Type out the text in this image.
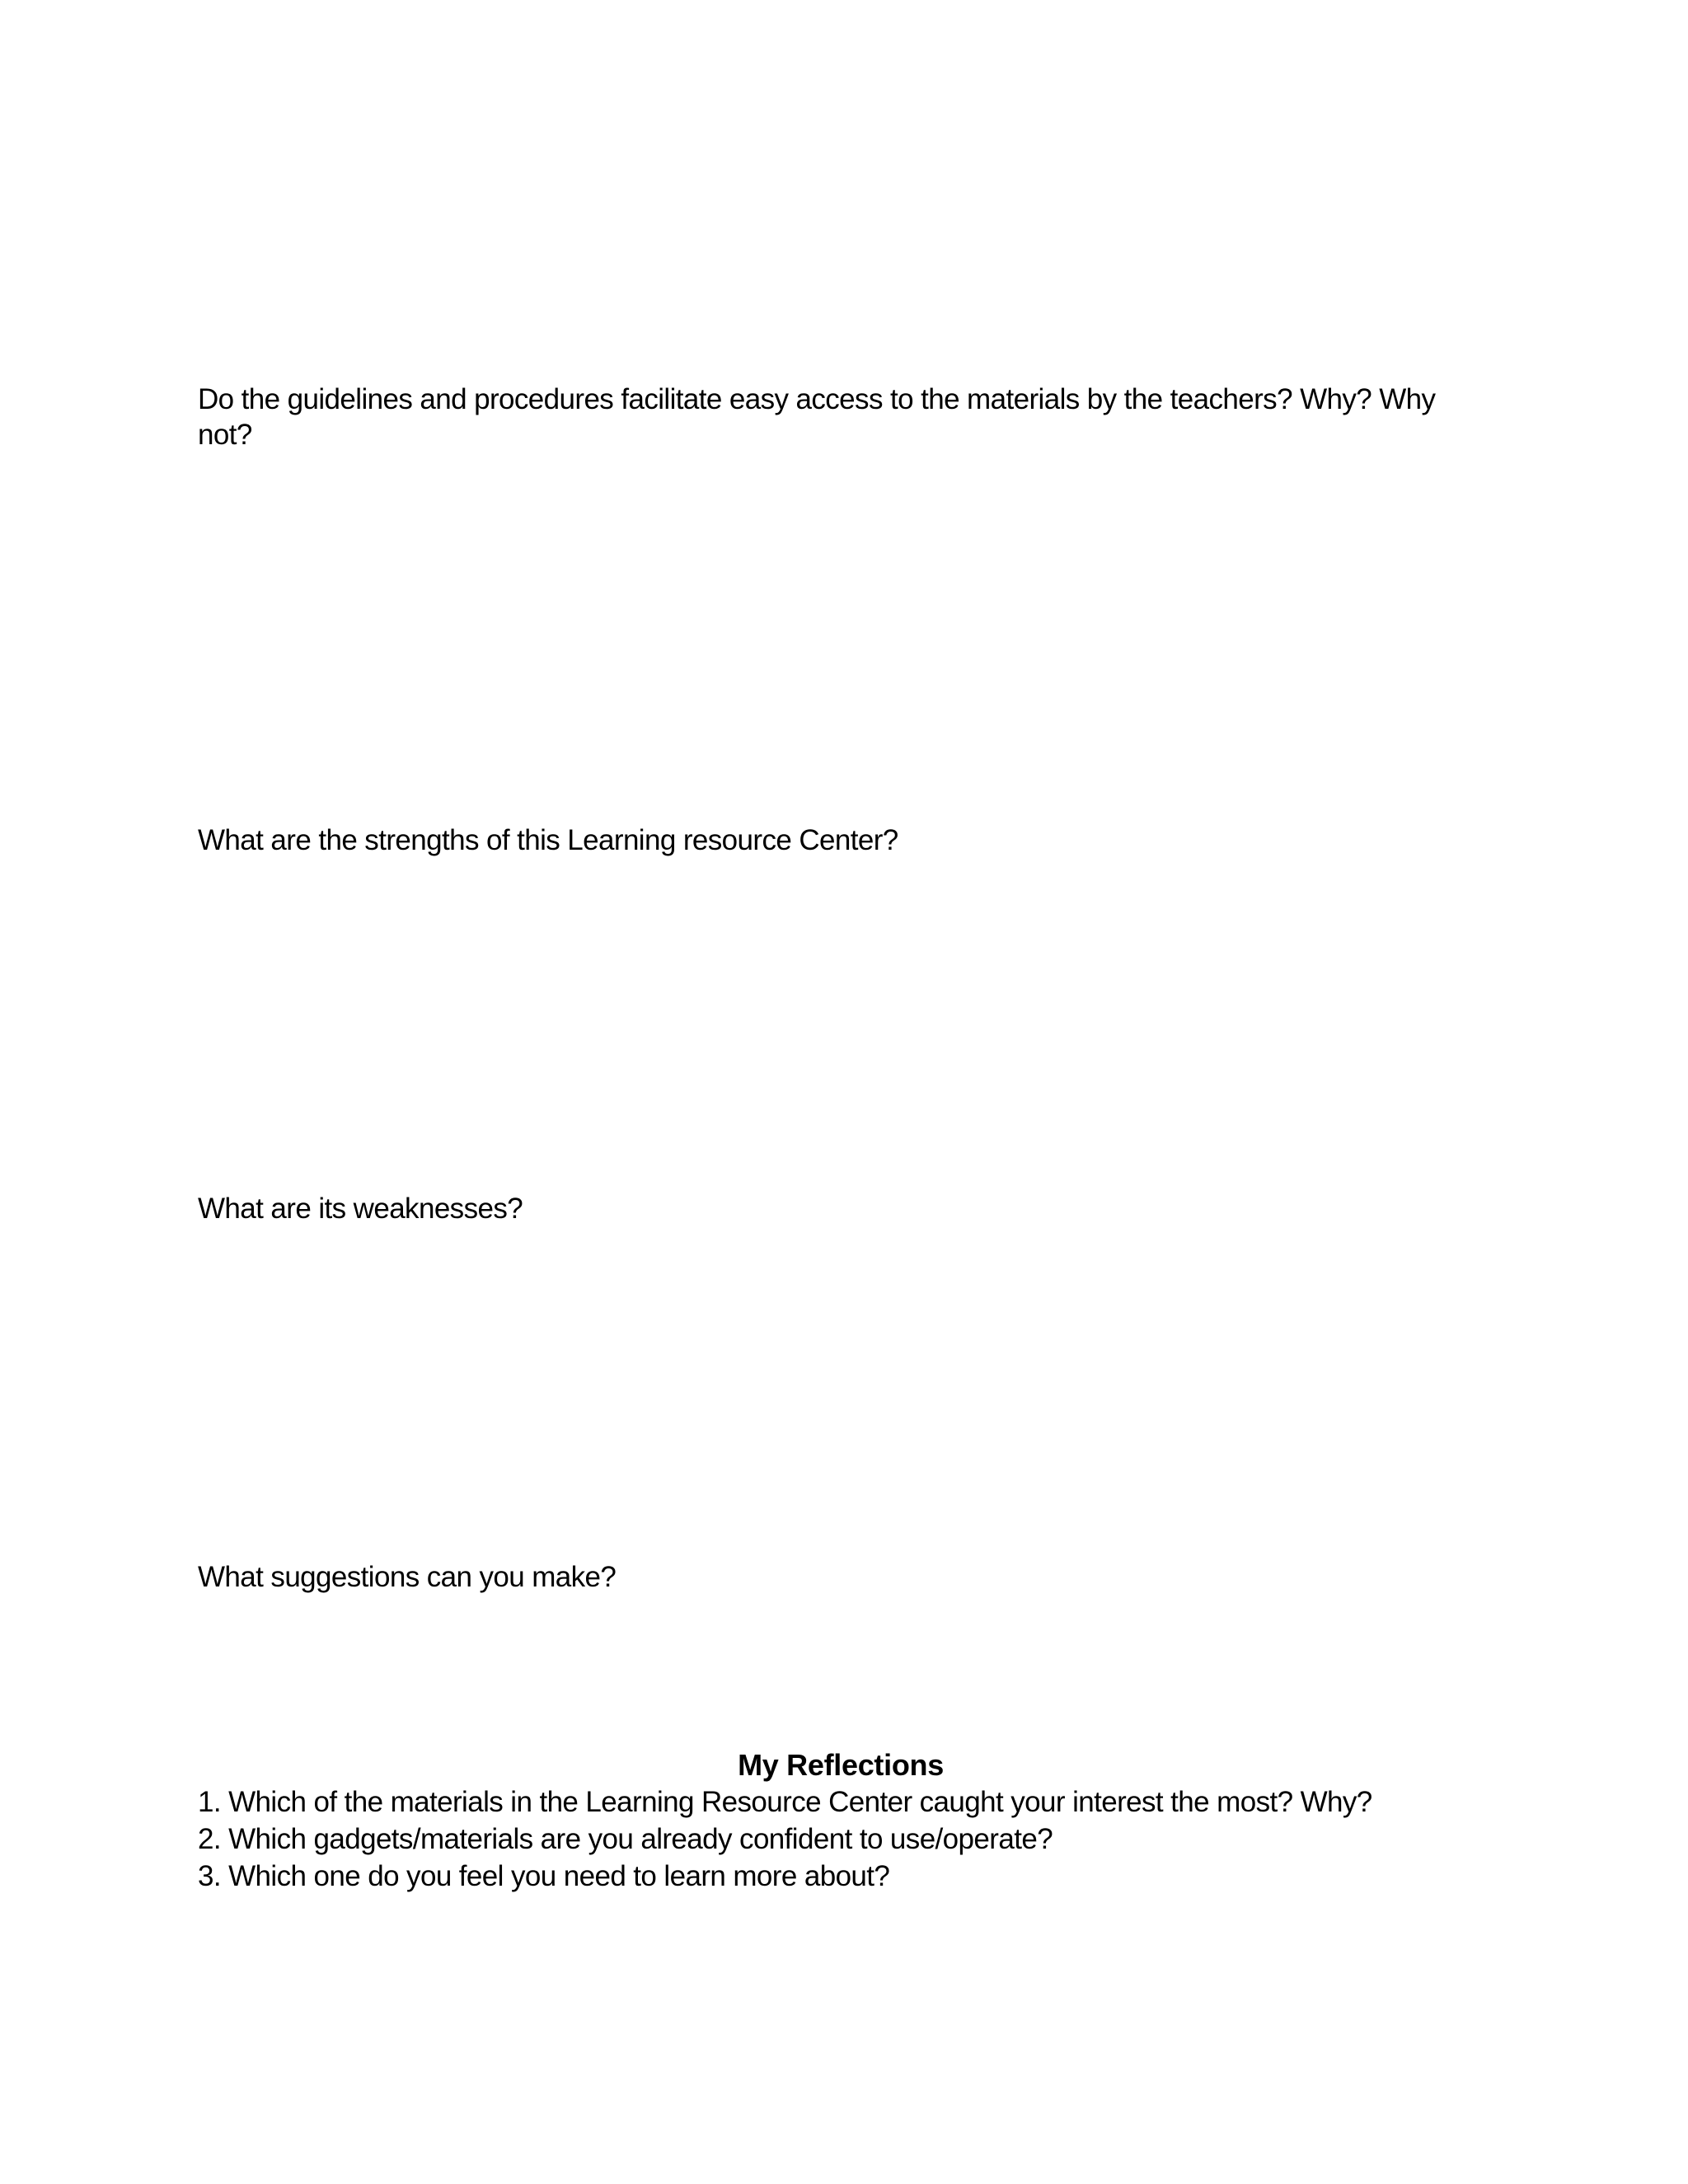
Do the guidelines and procedures facilitate easy access to the materials by the teachers? Why? Why not?

What are the strengths of this Learning resource Center?

What are its weaknesses?

What suggestions can you make?

My Reflections
1. Which of the materials in the Learning Resource Center caught your interest the most? Why?
2. Which gadgets/materials are you already confident to use/operate?
3. Which one do you feel you need to learn more about?
